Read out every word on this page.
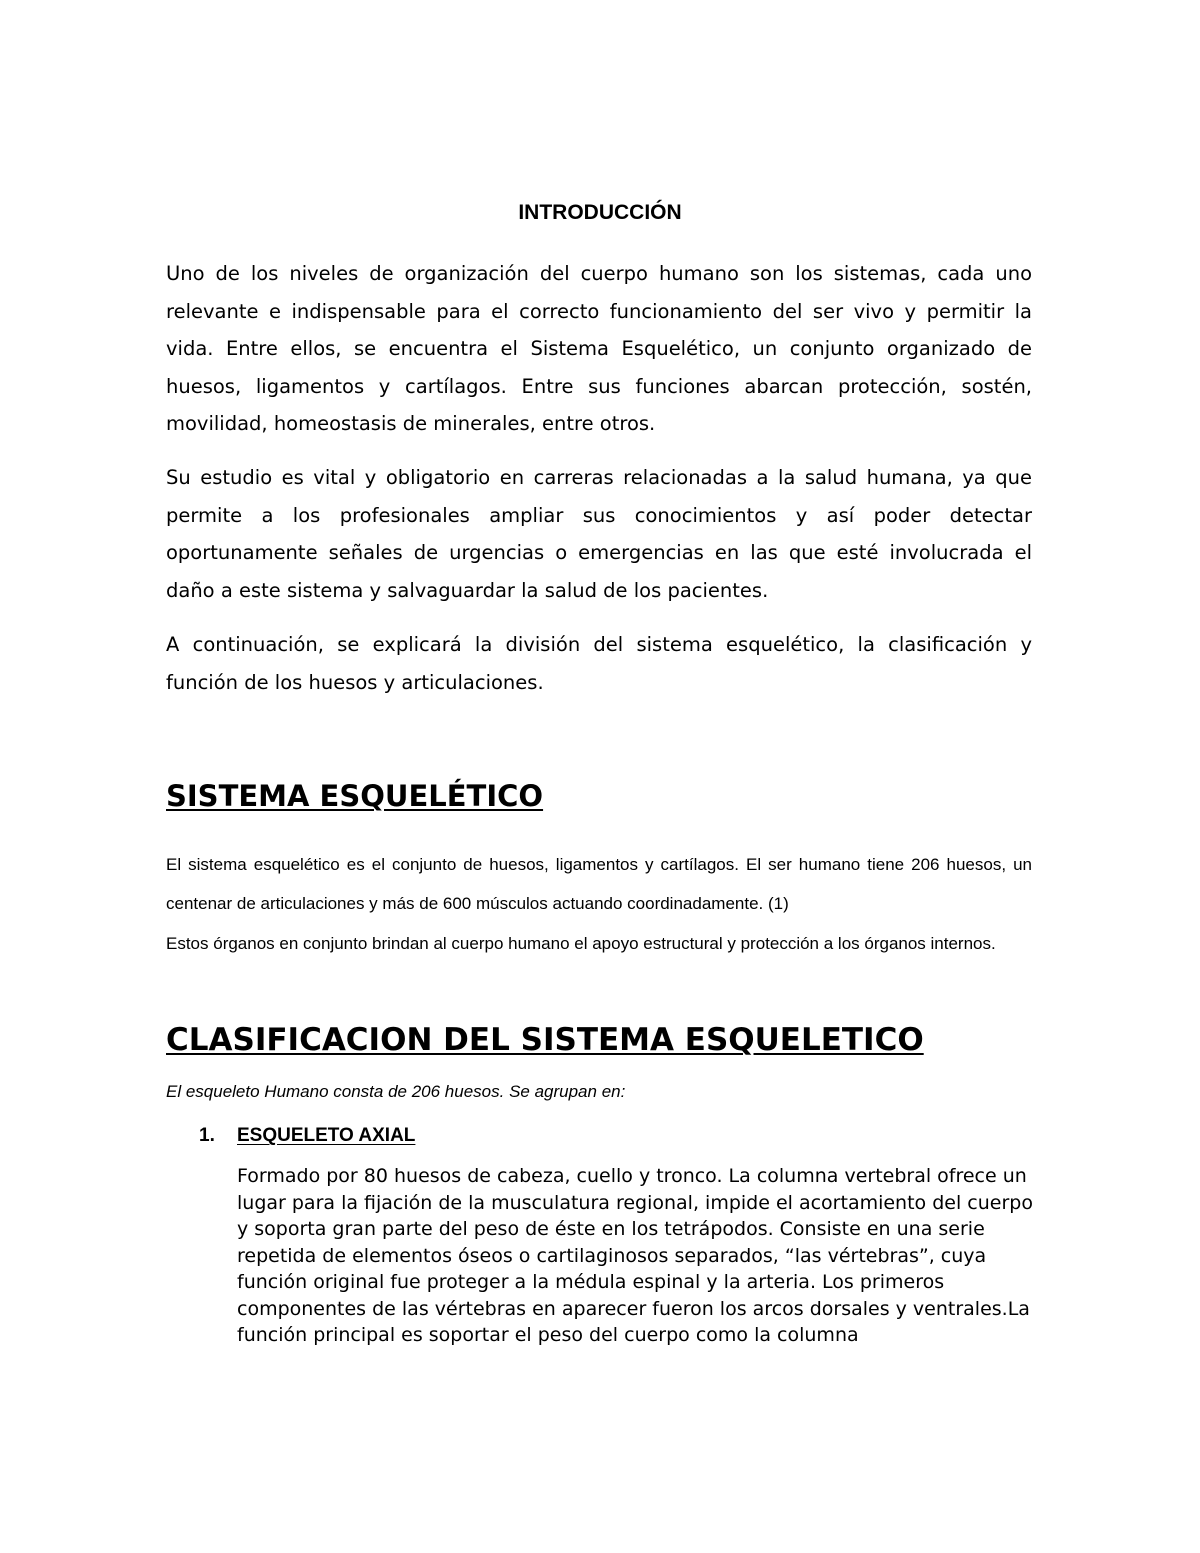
INTRODUCCIÓN

Uno de los niveles de organización del cuerpo humano son los sistemas, cada uno relevante e indispensable para el correcto funcionamiento del ser vivo y permitir la vida. Entre ellos, se encuentra el Sistema Esquelético, un conjunto organizado de huesos, ligamentos y cartílagos. Entre sus funciones abarcan protección, sostén, movilidad, homeostasis de minerales, entre otros.

Su estudio es vital y obligatorio en carreras relacionadas a la salud humana, ya que permite a los profesionales ampliar sus conocimientos y así poder detectar oportunamente señales de urgencias o emergencias en las que esté involucrada el daño a este sistema y salvaguardar la salud de los pacientes.

A continuación, se explicará la división del sistema esquelético, la clasificación y función de los huesos y articulaciones.

SISTEMA ESQUELÉTICO

El sistema esquelético es el conjunto de huesos, ligamentos y cartílagos. El ser humano tiene 206 huesos, un centenar de articulaciones y más de 600 músculos actuando coordinadamente. (1)

Estos órganos en conjunto brindan al cuerpo humano el apoyo estructural y protección a los órganos internos.

CLASIFICACION DEL SISTEMA ESQUELETICO

El esqueleto Humano consta de 206 huesos. Se agrupan en:

1. ESQUELETO AXIAL

Formado por 80 huesos de cabeza, cuello y tronco. La columna vertebral ofrece un lugar para la fijación de la musculatura regional, impide el acortamiento del cuerpo y soporta gran parte del peso de éste en los tetrápodos. Consiste en una serie repetida de elementos óseos o cartilaginosos separados, “las vértebras”, cuya función original fue proteger a la médula espinal y la arteria. Los primeros componentes de las vértebras en aparecer fueron los arcos dorsales y ventrales.La función principal es soportar el peso del cuerpo como la columna
